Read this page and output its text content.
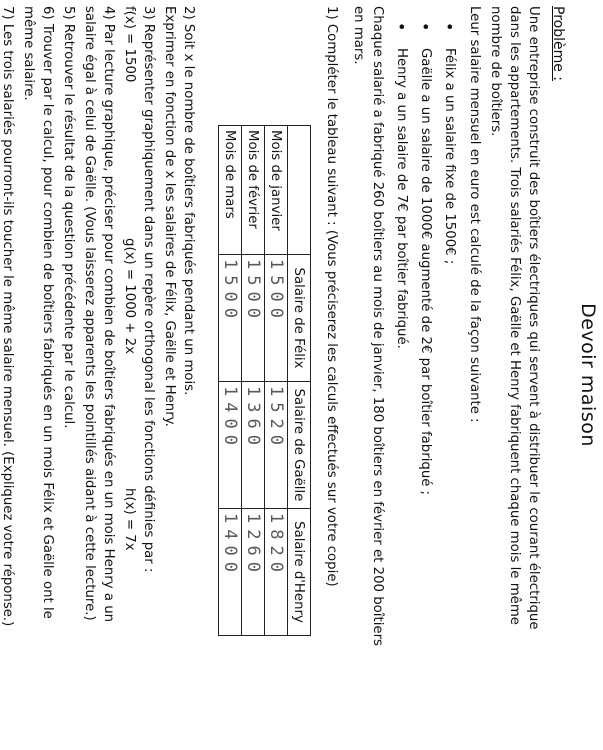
Devoir maison
Problème :
Une entreprise construit des boîtiers électriques qui servent à distribuer le courant électrique
dans les appartements. Trois salariés Félix, Gaëlle et Henry fabriquent chaque mois le même
nombre de boîtiers.
Leur salaire mensuel en euro est calculé de la façon suivante :
• Félix a un salaire fixe de 1500€ ;
• Gaëlle a un salaire de 1000€ augmenté de 2€ par boîtier fabriqué ;
• Henry a un salaire de 7€ par boîtier fabriqué.
Chaque salarié a fabriqué 260 boîtiers au mois de janvier, 180 boîtiers en février et 200 boîtiers
en mars.
1) Compléter le tableau suivant : (Vous préciserez les calculs effectués sur votre copie)
	Salaire de Félix	Salaire de Gaëlle	Salaire d'Henry
Mois de janvier	1500	1520	1820
Mois de février	1500	1360	1260
Mois de mars	1500	1400	1400
2) Soit x le nombre de boîtiers fabriqués pendant un mois.
Exprimer en fonction de x les salaires de Félix, Gaëlle et Henry.
3) Représenter graphiquement dans un repère orthogonal les fonctions définies par :
f(x) = 1500
g(x) = 1000 + 2x
h(x) = 7x
4) Par lecture graphique, préciser pour combien de boîtiers fabriqués en un mois Henry a un
salaire égal à celui de Gaëlle. (Vous laisserez apparents les pointillés aidant à cette lecture.)
5) Retrouver le résultat de la question précédente par le calcul.
6) Trouver par le calcul, pour combien de boîtiers fabriqués en un mois Félix et Gaëlle ont le
même salaire.
7) Les trois salariés pourront-ils toucher le même salaire mensuel. (Expliquez votre réponse.)
